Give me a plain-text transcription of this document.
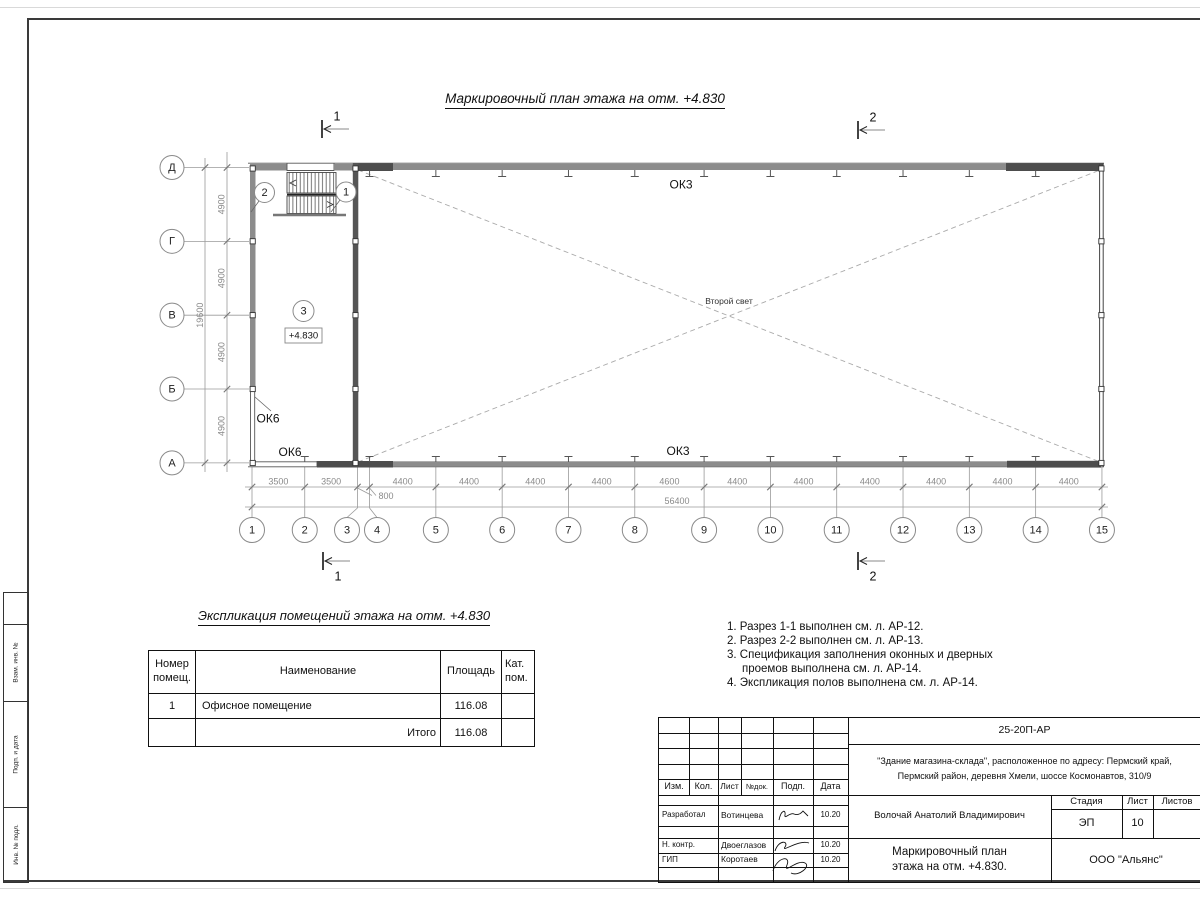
4900
4900
4900
4900
19600
Д
Г
В
Б
А
3500	3500	4400	4400	4400	4400	4600	4400	4400	4400	4400	4400	4400
800	56400
1	2	3 4	5	6	7	8	9	10	11	12	13	14	15
ОК3
ОК3
ОК6
ОК6
Второй свет
+4.830
3
2	1
1	2
1	2
Маркировочный план этажа на отм. +4.830
Экспликация помещений этажа на отм. +4.830
Номер помещ.	Наименование	Площадь	Кат. пом.
1	Офисное помещение	116.08	
	Итого	116.08	
1. Разрез 1-1 выполнен см. л. АР-12.
2. Разрез 2-2 выполнен см. л. АР-13.
3. Спецификация заполнения оконных и дверных проемов выполнена см. л. АР-14.
4. Экспликация полов выполнена см. л. АР-14.
Изм.	Кол. Лист №док.	Подп.	Дата
Разработал	Вотинцева	10.20
Н. контр.	Двоеглазов	10.20
ГИП	Коротаев	10.20
25-20П-АР
"Здание магазина-склада", расположенное по адресу: Пермский край,
Пермский район, деревня Хмели, шоссе Космонавтов, 310/9
Волочай Анатолий Владимирович
Стадия	Лист	Листов
ЭП	10
Маркировочный план
этажа на отм. +4.830.
ООО "Альянс"
Взам. инв. №
Подп. и дата
Инв. № подл.
